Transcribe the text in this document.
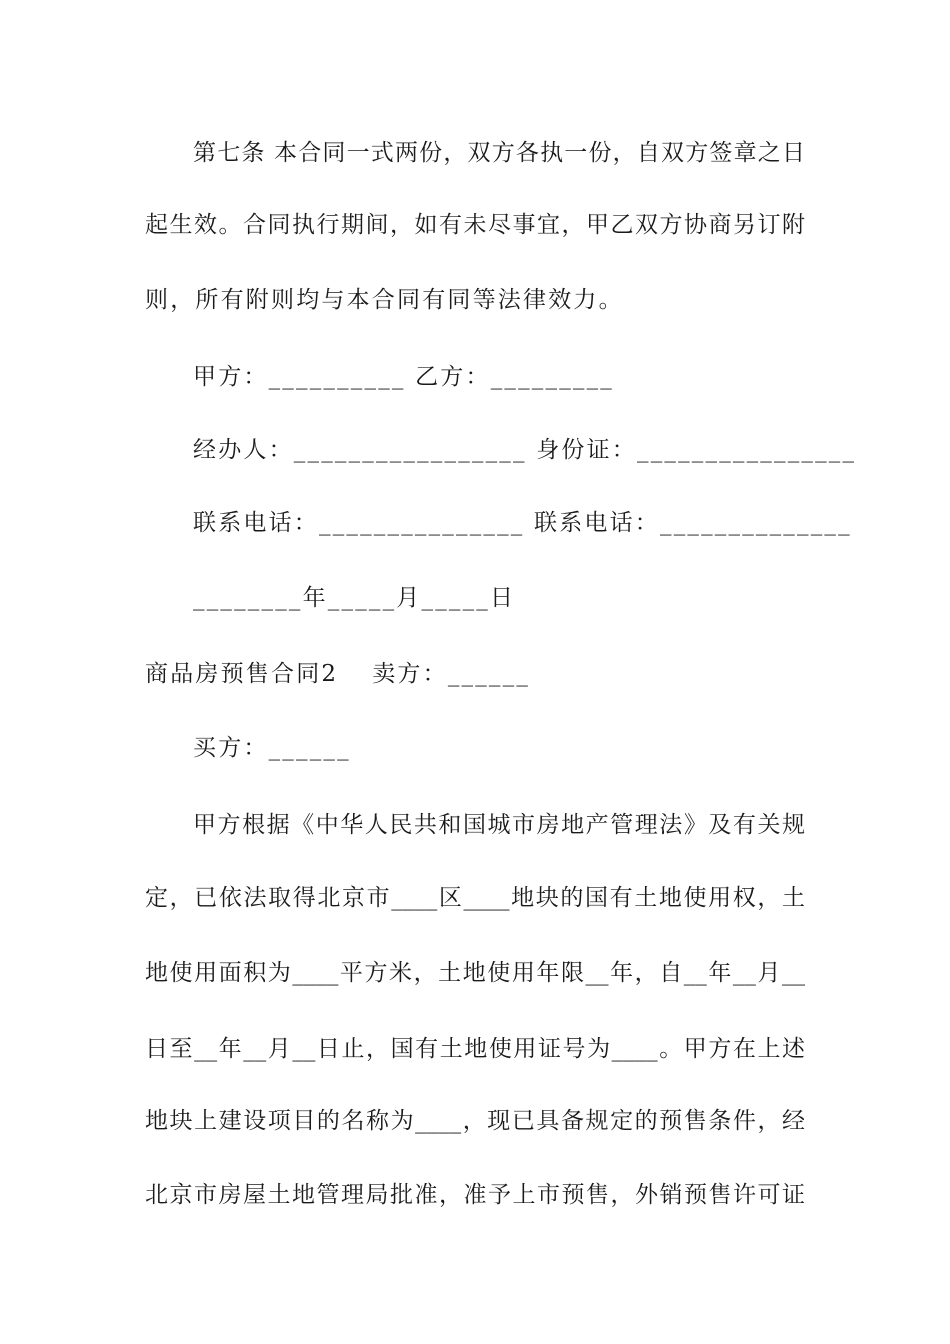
第七条 本合同一式两份，双方各执一份，自双方签章之日
起生效。合同执行期间，如有未尽事宜，甲乙双方协商另订附
则，所有附则均与本合同有同等法律效力。
甲方：__________ 乙方：_________
经办人：_________________ 身份证：________________
联系电话：_______________ 联系电话：______________
________年_____月_____日
商品房预售合同2 卖方：______
买方：______
甲方根据《中华人民共和国城市房地产管理法》及有关规
定，已依法取得北京市____区____地块的国有土地使用权，土
地使用面积为____平方米，土地使用年限__年，自__年__月__
日至__年__月__日止，国有土地使用证号为____。甲方在上述
地块上建设项目的名称为____，现已具备规定的预售条件，经
北京市房屋土地管理局批准，准予上市预售，外销预售许可证
